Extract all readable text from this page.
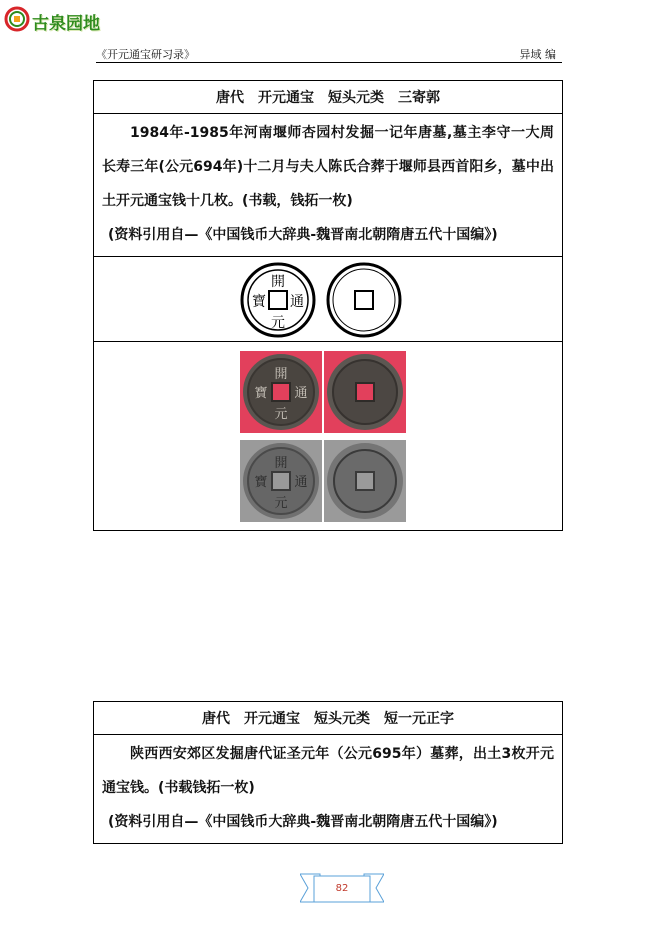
古泉园地
《开元通宝研习录》	异域 编
唐代　开元通宝　短头元类　三寄郭

1984年-1985年河南堰师杏园村发掘一记年唐墓,墓主李守一大周长寿三年(公元694年)十二月与夫人陈氏合葬于堰师县西首阳乡，墓中出土开元通宝钱十几枚。(书载，钱拓一枚)

(资料引用自—《中国钱币大辞典-魏晋南北朝隋唐五代十国编》)

開
通
元
寶

開
通
元
寶
開
通
元
寶
唐代　开元通宝　短头元类　短一元正字

陕西西安郊区发掘唐代证圣元年（公元695年）墓葬，出土3枚开元通宝钱。(书载钱拓一枚)

(资料引用自—《中国钱币大辞典-魏晋南北朝隋唐五代十国编》)

82
